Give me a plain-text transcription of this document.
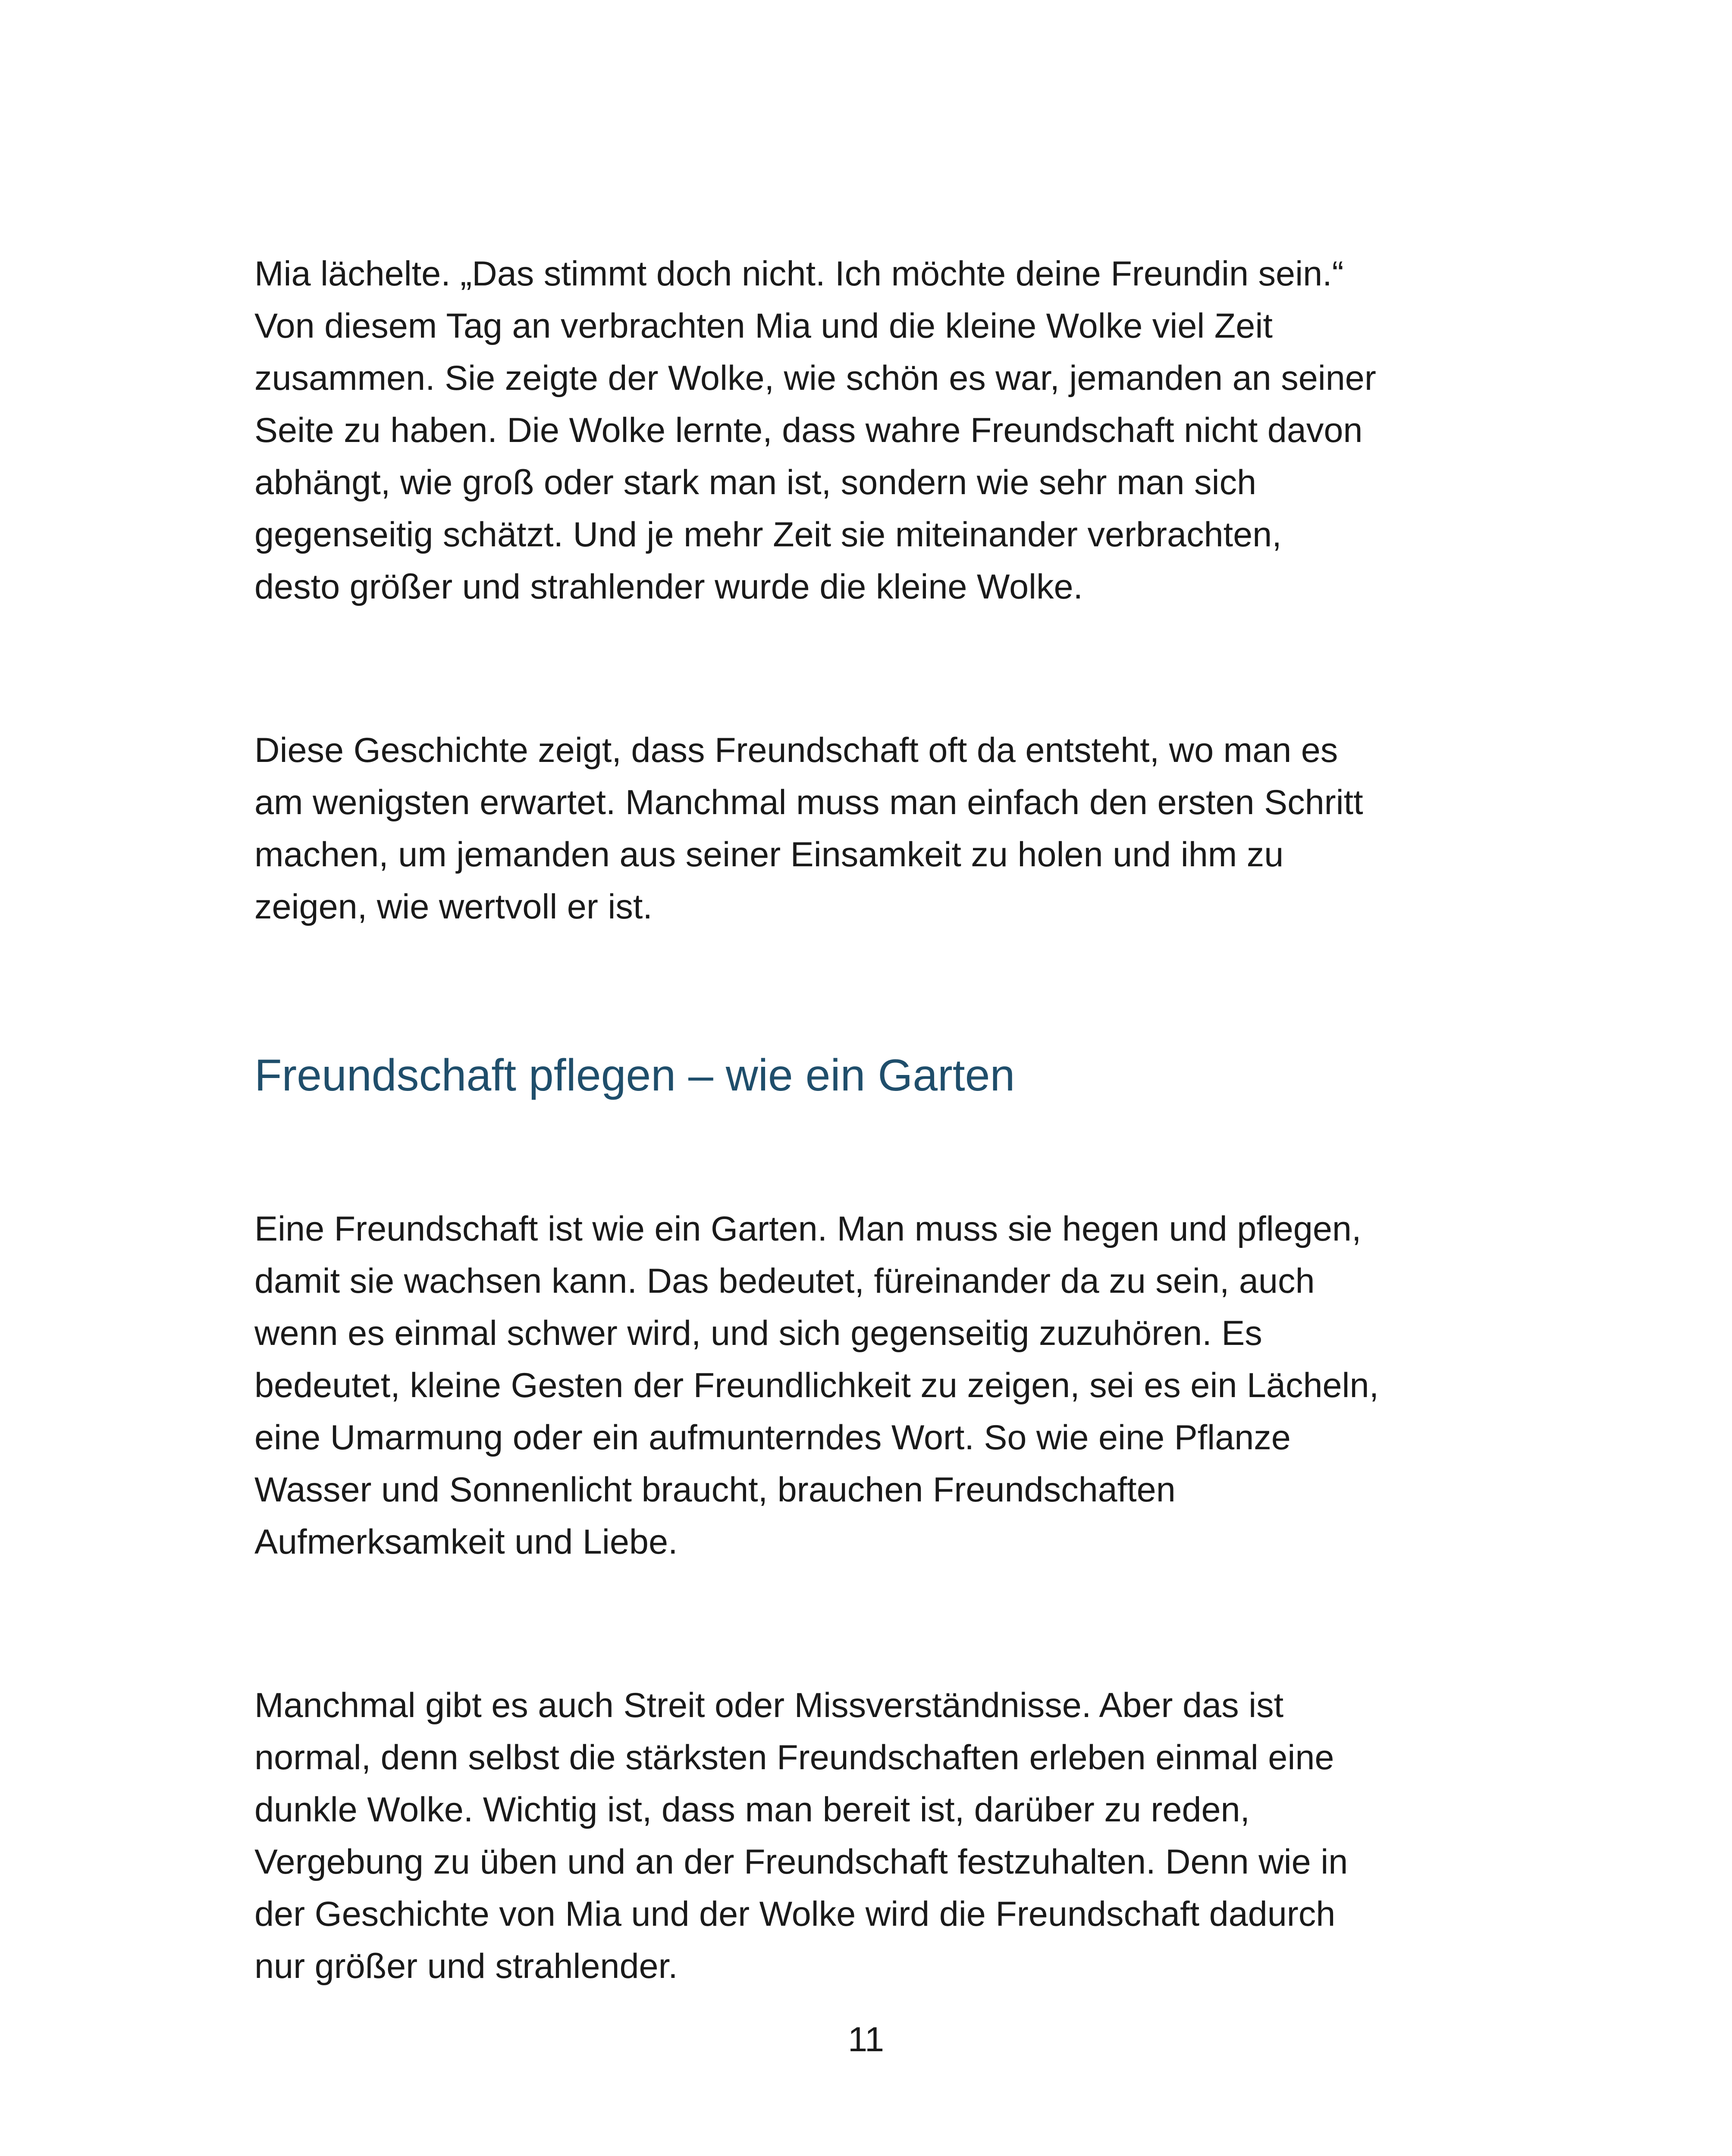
Mia lächelte. „Das stimmt doch nicht. Ich möchte deine Freundin sein.“
Von diesem Tag an verbrachten Mia und die kleine Wolke viel Zeit
zusammen. Sie zeigte der Wolke, wie schön es war, jemanden an seiner
Seite zu haben. Die Wolke lernte, dass wahre Freundschaft nicht davon
abhängt, wie groß oder stark man ist, sondern wie sehr man sich
gegenseitig schätzt. Und je mehr Zeit sie miteinander verbrachten,
desto größer und strahlender wurde die kleine Wolke.
Diese Geschichte zeigt, dass Freundschaft oft da entsteht, wo man es
am wenigsten erwartet. Manchmal muss man einfach den ersten Schritt
machen, um jemanden aus seiner Einsamkeit zu holen und ihm zu
zeigen, wie wertvoll er ist.
Freundschaft pflegen – wie ein Garten
Eine Freundschaft ist wie ein Garten. Man muss sie hegen und pflegen,
damit sie wachsen kann. Das bedeutet, füreinander da zu sein, auch
wenn es einmal schwer wird, und sich gegenseitig zuzuhören. Es
bedeutet, kleine Gesten der Freundlichkeit zu zeigen, sei es ein Lächeln,
eine Umarmung oder ein aufmunterndes Wort. So wie eine Pflanze
Wasser und Sonnenlicht braucht, brauchen Freundschaften
Aufmerksamkeit und Liebe.
Manchmal gibt es auch Streit oder Missverständnisse. Aber das ist
normal, denn selbst die stärksten Freundschaften erleben einmal eine
dunkle Wolke. Wichtig ist, dass man bereit ist, darüber zu reden,
Vergebung zu üben und an der Freundschaft festzuhalten. Denn wie in
der Geschichte von Mia und der Wolke wird die Freundschaft dadurch
nur größer und strahlender.
11
